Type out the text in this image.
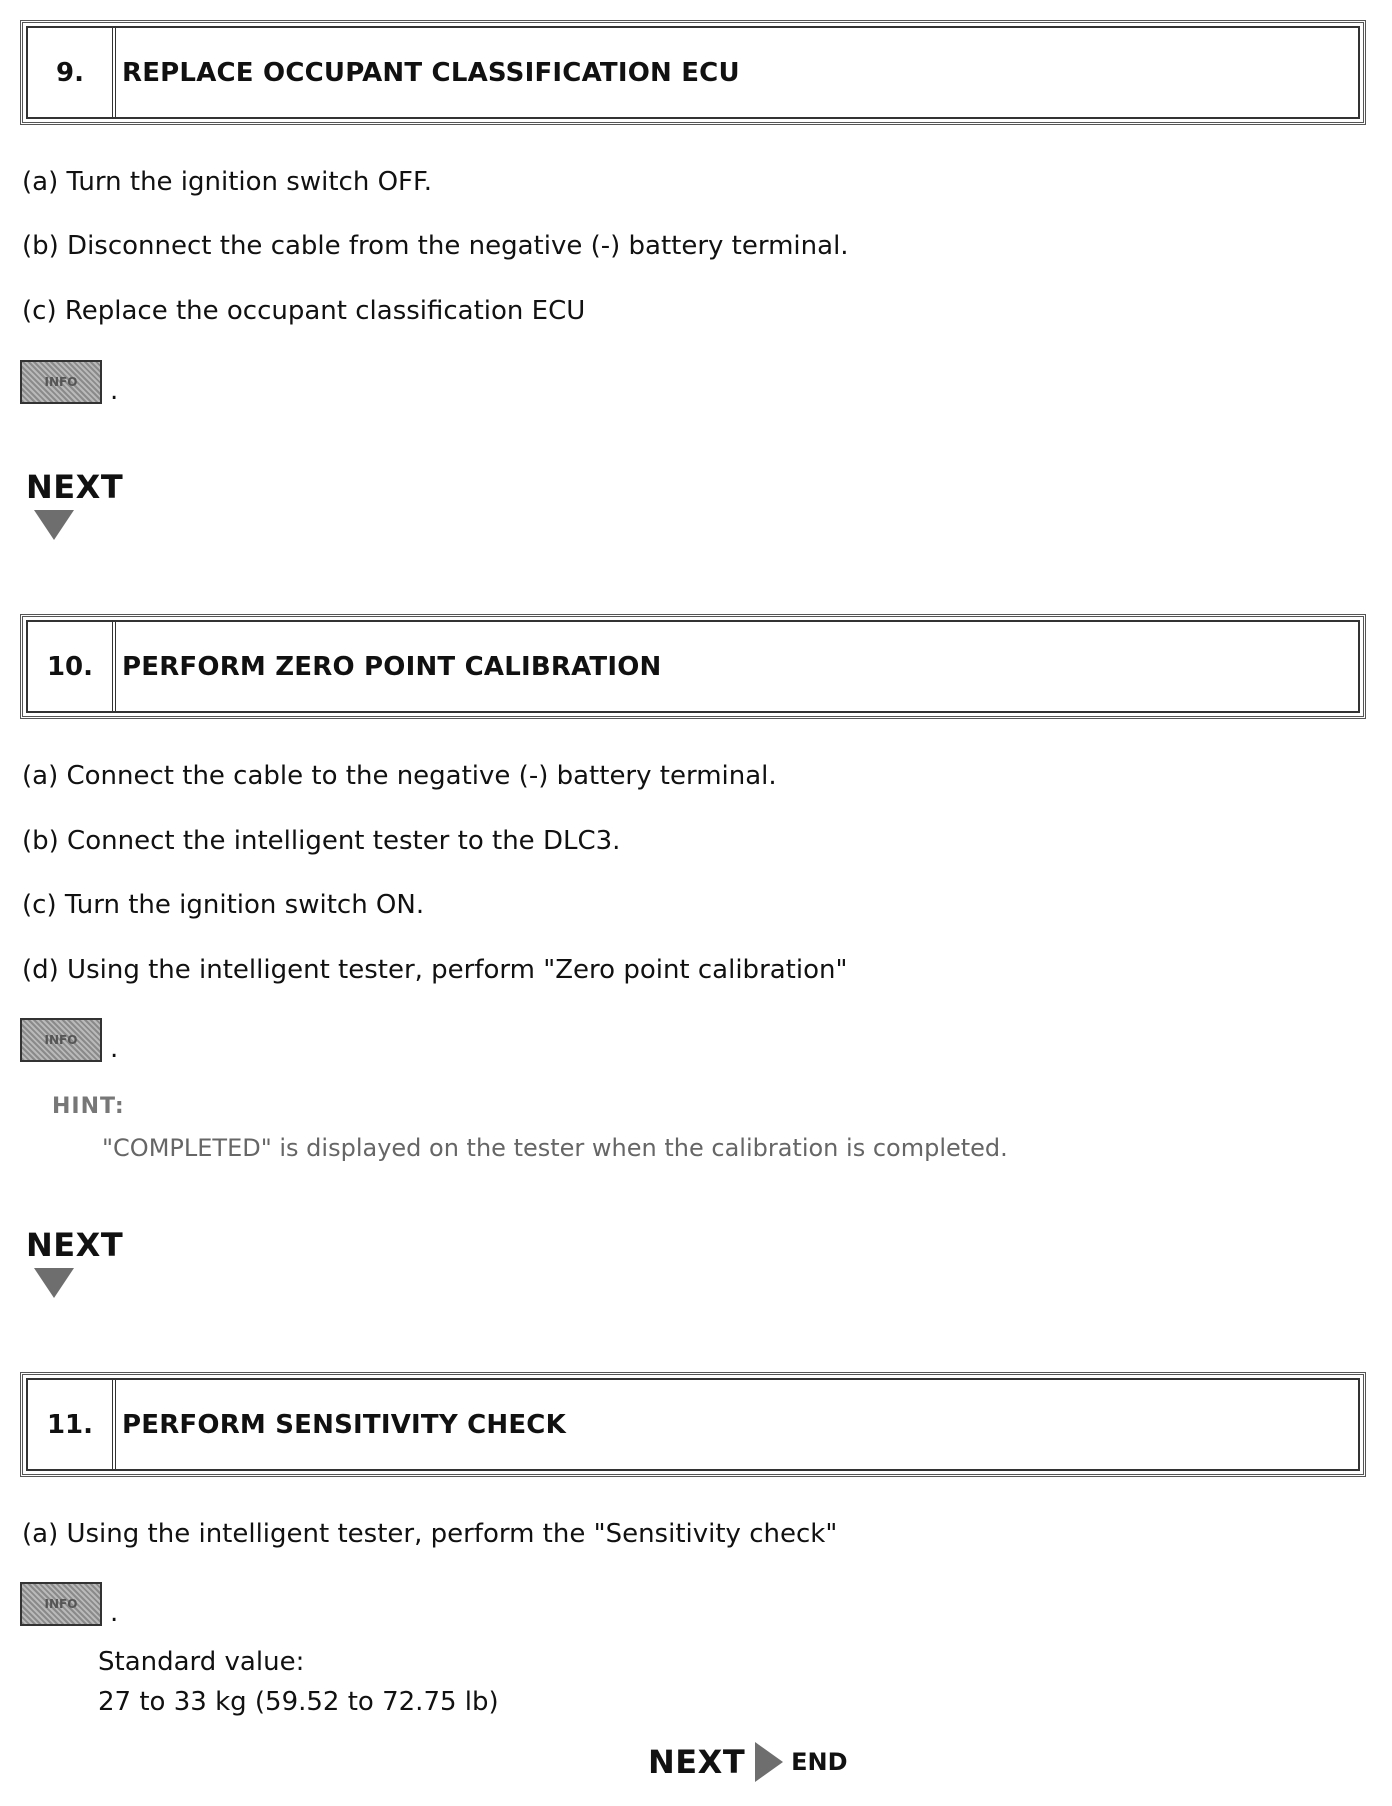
9.	REPLACE OCCUPANT CLASSIFICATION ECU
(a) Turn the ignition switch OFF.
(b) Disconnect the cable from the negative (-) battery terminal.
(c) Replace the occupant classification ECU
INFO	.
NEXT
10.	PERFORM ZERO POINT CALIBRATION
(a) Connect the cable to the negative (-) battery terminal.
(b) Connect the intelligent tester to the DLC3.
(c) Turn the ignition switch ON.
(d) Using the intelligent tester, perform "Zero point calibration"
INFO	.
HINT:
"COMPLETED" is displayed on the tester when the calibration is completed.
NEXT
11.	PERFORM SENSITIVITY CHECK
(a) Using the intelligent tester, perform the "Sensitivity check"
INFO	.
Standard value:
27 to 33 kg (59.52 to 72.75 lb)
NEXT END
